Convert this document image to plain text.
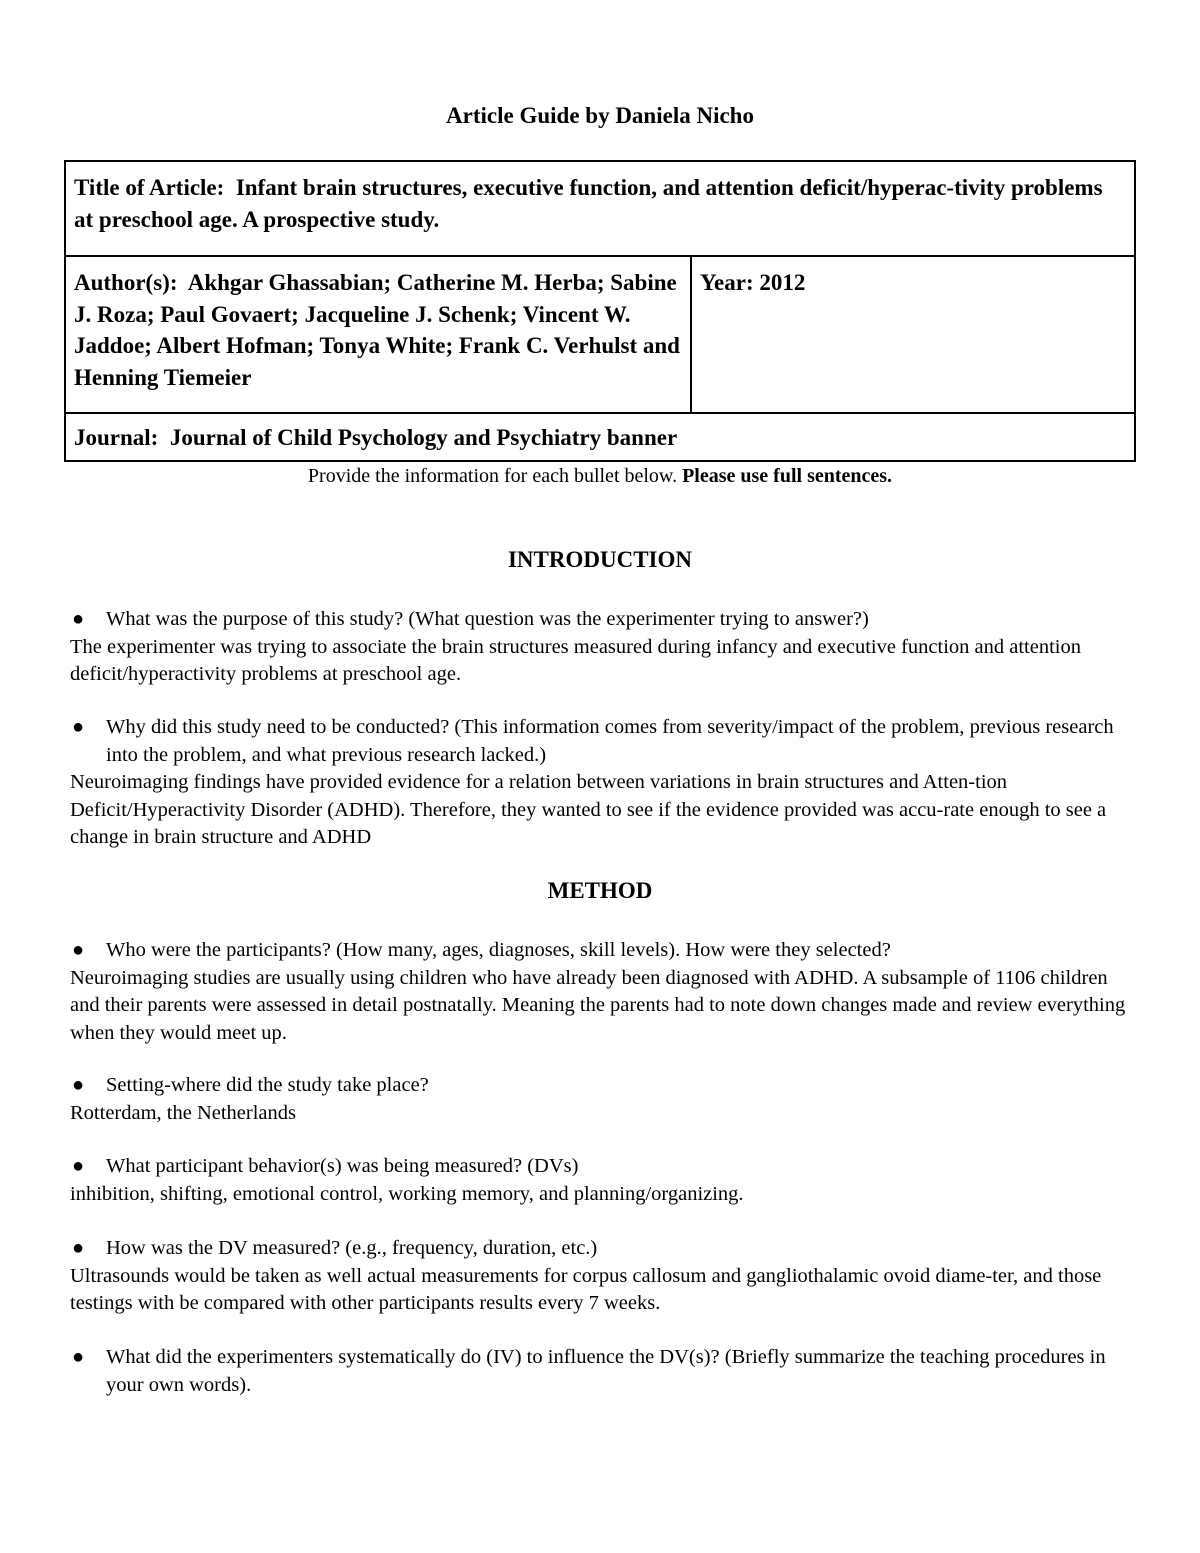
Article Guide by Daniela Nicho
Title of Article: Infant brain structures, executive function, and attention deficit/hyperac-tivity problems at preschool age. A prospective study.
Author(s): Akhgar Ghassabian; Catherine M. Herba; Sabine J. Roza; Paul Govaert; Jacqueline J. Schenk; Vincent W. Jaddoe; Albert Hofman; Tonya White; Frank C. Verhulst and Henning Tiemeier	Year: 2012
Journal: Journal of Child Psychology and Psychiatry banner
Provide the information for each bullet below. Please use full sentences.
INTRODUCTION

● What was the purpose of this study? (What question was the experimenter trying to answer?)

The experimenter was trying to associate the brain structures measured during infancy and executive function and attention deficit/hyperactivity problems at preschool age.

● Why did this study need to be conducted? (This information comes from severity/impact of the problem, previous research into the problem, and what previous research lacked.)

Neuroimaging findings have provided evidence for a relation between variations in brain structures and Atten-tion Deficit/Hyperactivity Disorder (ADHD). Therefore, they wanted to see if the evidence provided was accu-rate enough to see a change in brain structure and ADHD

METHOD

● Who were the participants? (How many, ages, diagnoses, skill levels). How were they selected?

Neuroimaging studies are usually using children who have already been diagnosed with ADHD. A subsample of 1106 children and their parents were assessed in detail postnatally. Meaning the parents had to note down changes made and review everything when they would meet up.

● Setting-where did the study take place?

Rotterdam, the Netherlands

● What participant behavior(s) was being measured? (DVs)

inhibition, shifting, emotional control, working memory, and planning/organizing.

● How was the DV measured? (e.g., frequency, duration, etc.)

Ultrasounds would be taken as well actual measurements for corpus callosum and gangliothalamic ovoid diame-ter, and those testings with be compared with other participants results every 7 weeks.

● What did the experimenters systematically do (IV) to influence the DV(s)? (Briefly summarize the teaching procedures in your own words).
